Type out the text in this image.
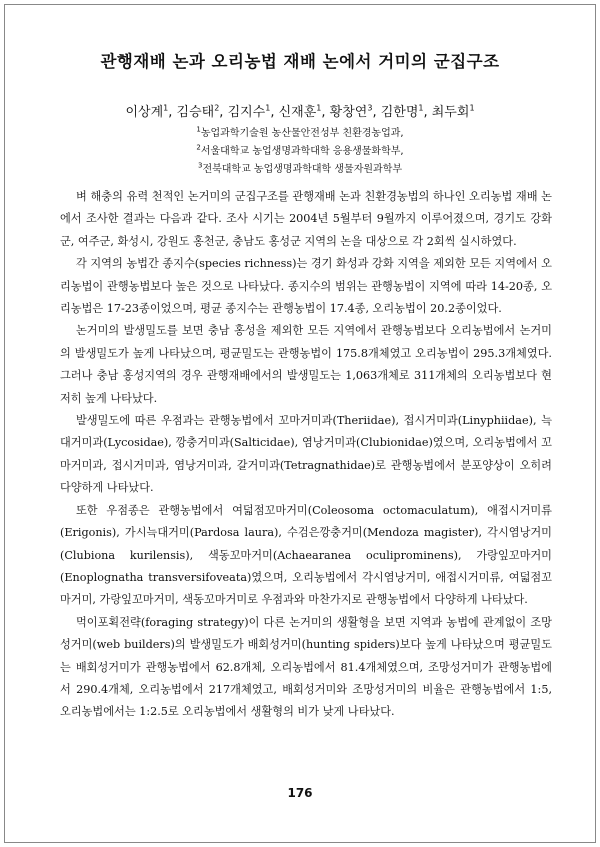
관행재배 논과 오리농법 재배 논에서 거미의 군집구조
이상계$^1$, 김승태$^2$, 김지수$^1$, 신재훈$^1$, 황창연$^3$, 김한명$^1$, 최두회$^1$
$^1$농업과학기술원 농산물안전성부 친환경농업과,
$^2$서울대학교 농업생명과학대학 응용생물화학부,
$^3$전북대학교 농업생명과학대학 생물자원과학부

벼 해충의 유력 천적인 논거미의 군집구조를 관행재배 논과 친환경농법의 하나인 오리농법 재배 논에서 조사한 결과는 다음과 같다. 조사 시기는 2004년 5월부터 9월까지 이루어졌으며, 경기도 강화군, 여주군, 화성시, 강원도 홍천군, 충남도 홍성군 지역의 논을 대상으로 각 2회씩 실시하였다.

각 지역의 농법간 종지수(species richness)는 경기 화성과 강화 지역을 제외한 모든 지역에서 오리농법이 관행농법보다 높은 것으로 나타났다. 종지수의 범위는 관행농법이 지역에 따라 14-20종, 오리농법은 17-23종이었으며, 평균 종지수는 관행농법이 17.4종, 오리농법이 20.2종이었다.

논거미의 발생밀도를 보면 충남 홍성을 제외한 모든 지역에서 관행농법보다 오리농법에서 논거미의 발생밀도가 높게 나타났으며, 평균밀도는 관행농법이 175.8개체였고 오리농법이 295.3개체였다. 그러나 충남 홍성지역의 경우 관행재배에서의 발생밀도는 1,063개체로 311개체의 오리농법보다 현저히 높게 나타났다.

발생밀도에 따른 우점과는 관행농법에서 꼬마거미과(Theriidae), 접시거미과(Linyphiidae), 늑대거미과(Lycosidae), 깡충거미과(Salticidae), 염낭거미과(Clubionidae)였으며, 오리농법에서 꼬마거미과, 접시거미과, 염낭거미과, 갈거미과(Tetragnathidae)로 관행농법에서 분포양상이 오히려 다양하게 나타났다.

또한 우점종은 관행농법에서 여덟점꼬마거미(Coleosoma octomaculatum), 애접시거미류(Erigonis), 가시늑대거미(Pardosa laura), 수검은깡충거미(Mendoza magister), 각시염낭거미(Clubiona kurilensis), 색동꼬마거미(Achaearanea oculiprominens), 가랑잎꼬마거미(Enoplognatha transversifoveata)였으며, 오리농법에서 각시염낭거미, 애접시거미류, 여덟점꼬마거미, 가랑잎꼬마거미, 색동꼬마거미로 우점과와 마찬가지로 관행농법에서 다양하게 나타났다.

먹이포획전략(foraging strategy)이 다른 논거미의 생활형을 보면 지역과 농법에 관계없이 조망성거미(web builders)의 발생밀도가 배회성거미(hunting spiders)보다 높게 나타났으며 평균밀도는 배회성거미가 관행농법에서 62.8개체, 오리농법에서 81.4개체였으며, 조망성거미가 관행농법에서 290.4개체, 오리농법에서 217개체였고, 배회성거미와 조망성거미의 비율은 관행농법에서 1:5, 오리농법에서는 1:2.5로 오리농법에서 생활형의 비가 낮게 나타났다.

176
